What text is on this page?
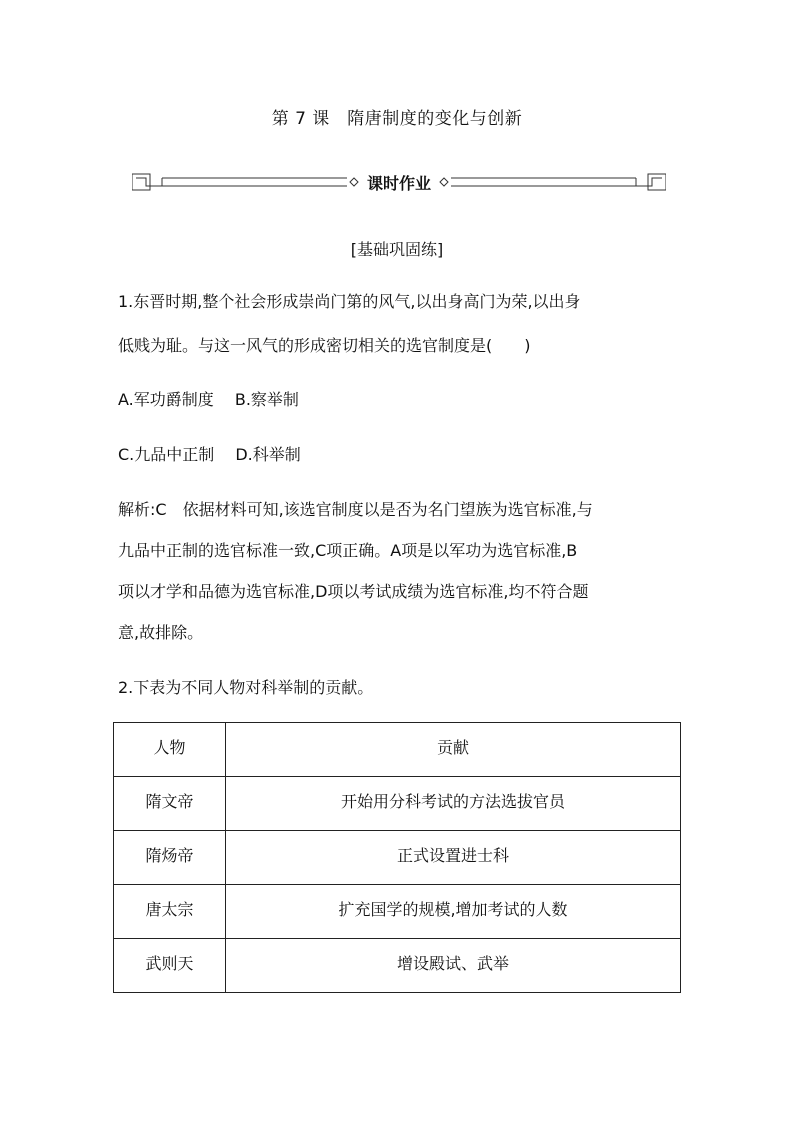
第 7 课　隋唐制度的变化与创新
课时作业
[基础巩固练]
1.东晋时期,整个社会形成崇尚门第的风气,以出身高门为荣,以出身
低贱为耻。与这一风气的形成密切相关的选官制度是(　　)
A.军功爵制度　 B.察举制
C.九品中正制　 D.科举制
解析:C　依据材料可知,该选官制度以是否为名门望族为选官标准,与
九品中正制的选官标准一致,C项正确。A项是以军功为选官标准,B
项以才学和品德为选官标准,D项以考试成绩为选官标准,均不符合题
意,故排除。
2.下表为不同人物对科举制的贡献。
人物	贡献
隋文帝	开始用分科考试的方法选拔官员
隋炀帝	正式设置进士科
唐太宗	扩充国学的规模,增加考试的人数
武则天	增设殿试、武举
